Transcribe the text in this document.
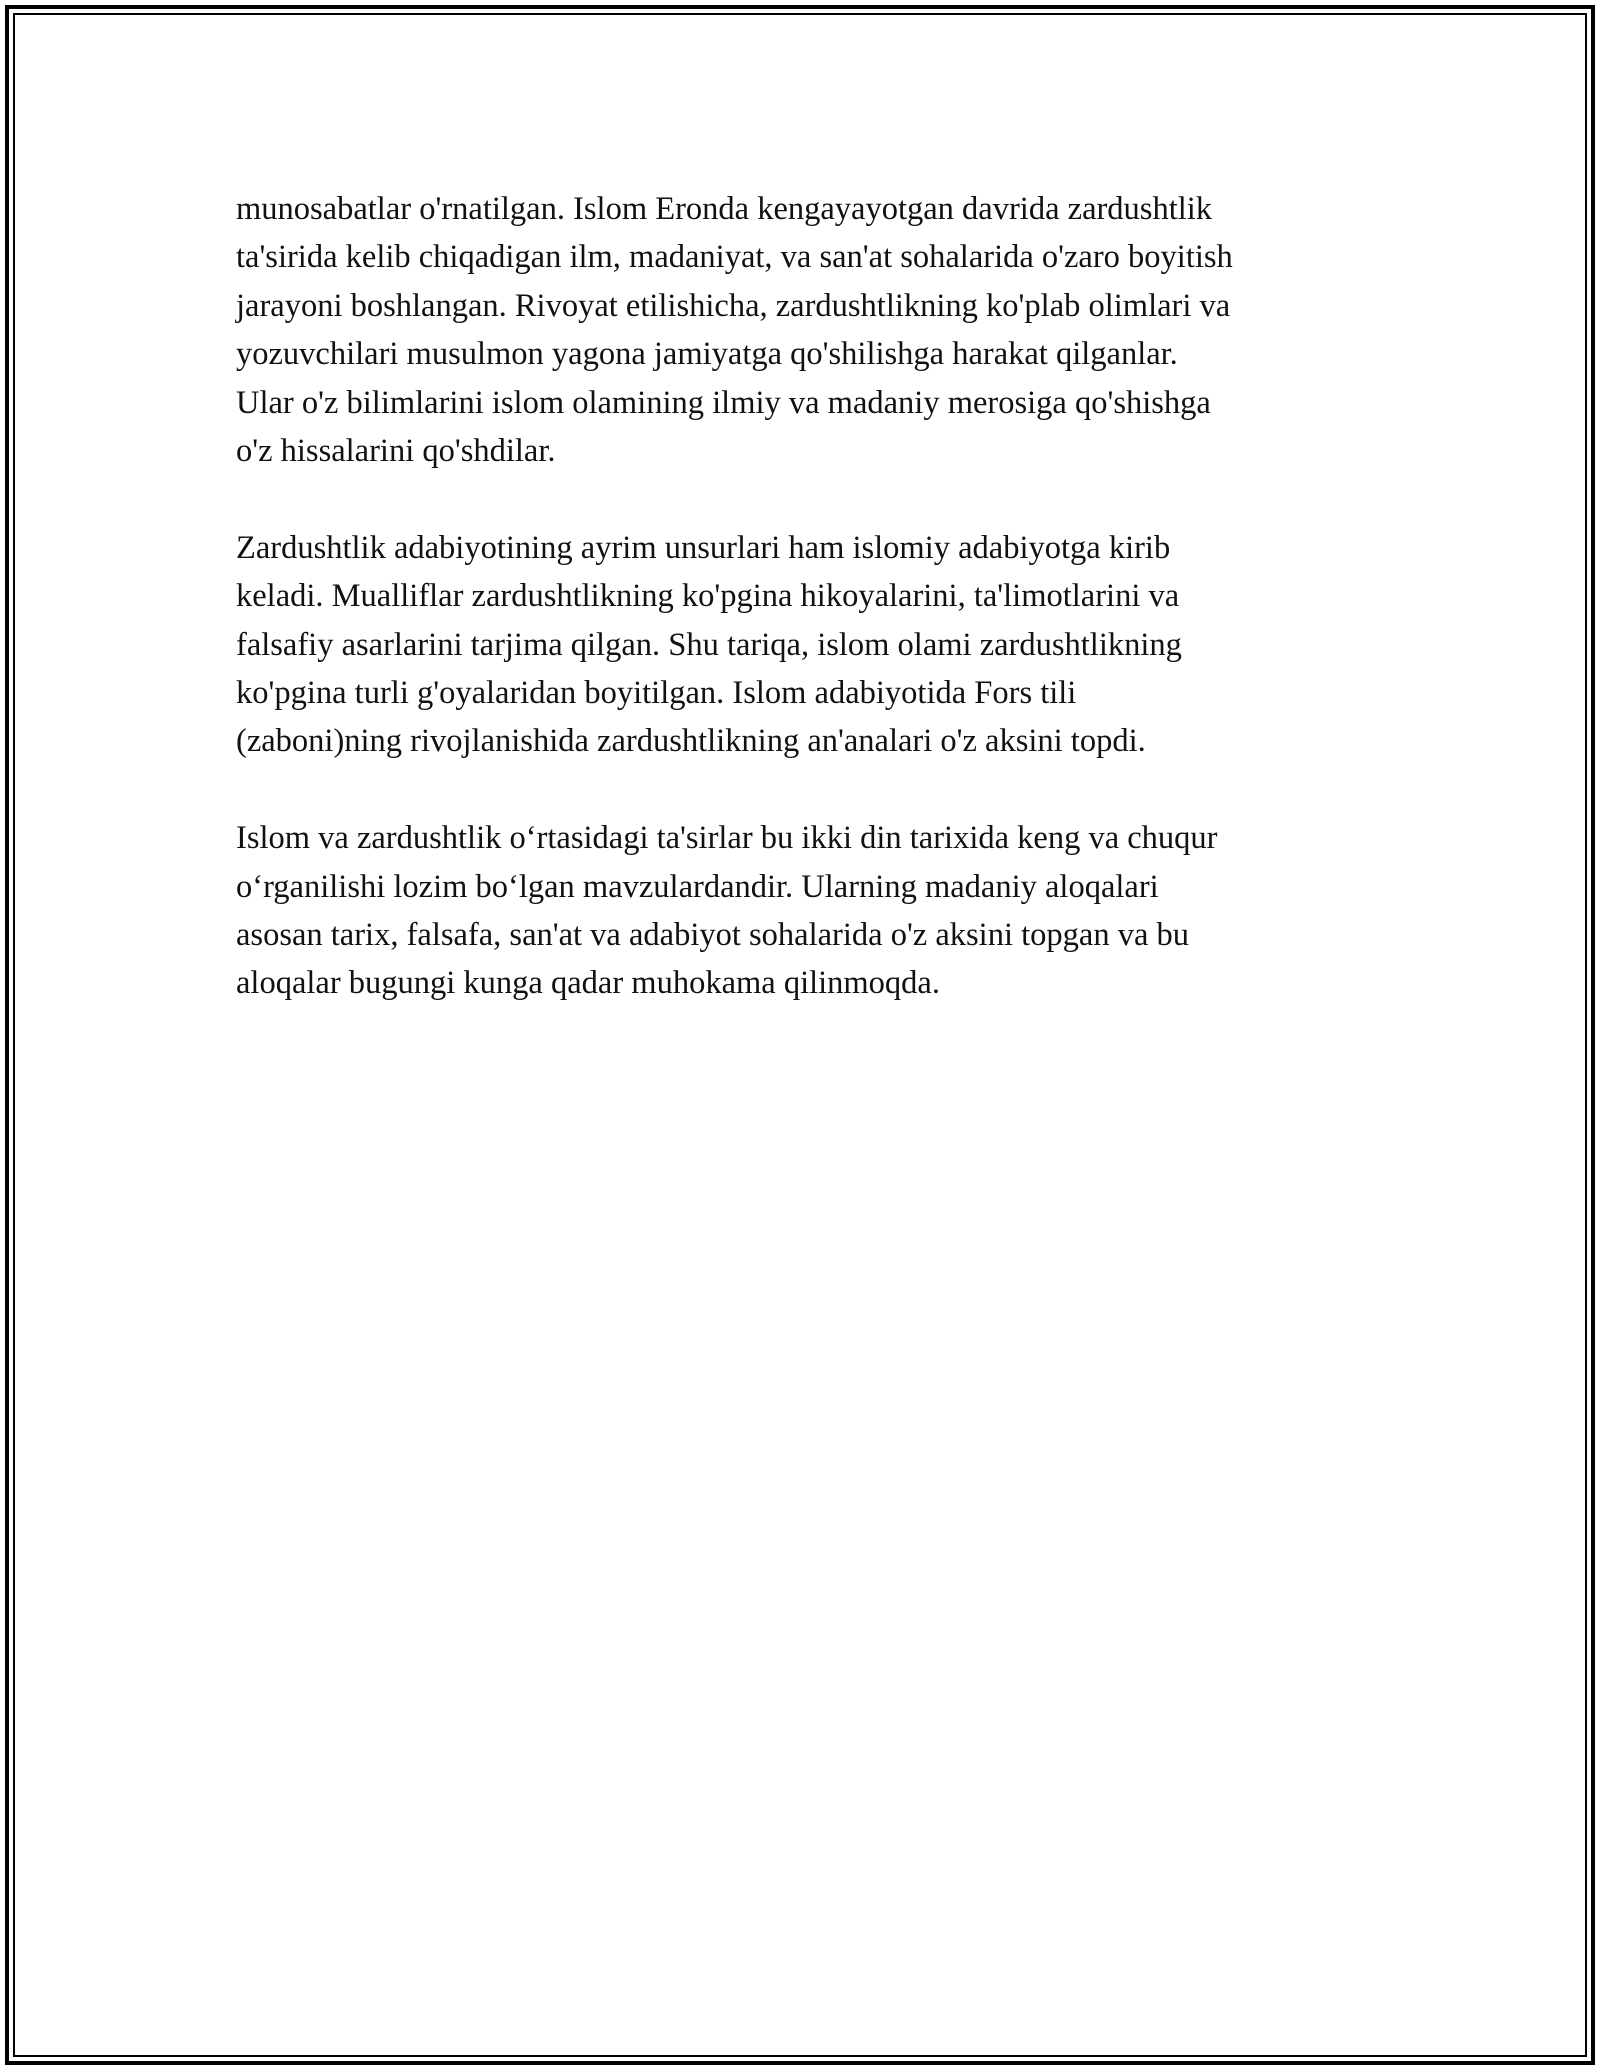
munosabatlar o'rnatilgan. Islom Eronda kengayayotgan davrida zardushtlik
ta'sirida kelib chiqadigan ilm, madaniyat, va san'at sohalarida o'zaro boyitish
jarayoni boshlangan. Rivoyat etilishicha, zardushtlikning ko'plab olimlari va
yozuvchilari musulmon yagona jamiyatga qo'shilishga harakat qilganlar.
Ular o'z bilimlarini islom olamining ilmiy va madaniy merosiga qo'shishga
o'z hissalarini qo'shdilar.

Zardushtlik adabiyotining ayrim unsurlari ham islomiy adabiyotga kirib
keladi. Mualliflar zardushtlikning ko'pgina hikoyalarini, ta'limotlarini va
falsafiy asarlarini tarjima qilgan. Shu tariqa, islom olami zardushtlikning
ko'pgina turli g'oyalaridan boyitilgan. Islom adabiyotida Fors tili
(zaboni)ning rivojlanishida zardushtlikning an'analari o'z aksini topdi.

Islom va zardushtlik o‘rtasidagi ta'sirlar bu ikki din tarixida keng va chuqur
o‘rganilishi lozim bo‘lgan mavzulardandir. Ularning madaniy aloqalari
asosan tarix, falsafa, san'at va adabiyot sohalarida o'z aksini topgan va bu
aloqalar bugungi kunga qadar muhokama qilinmoqda.
